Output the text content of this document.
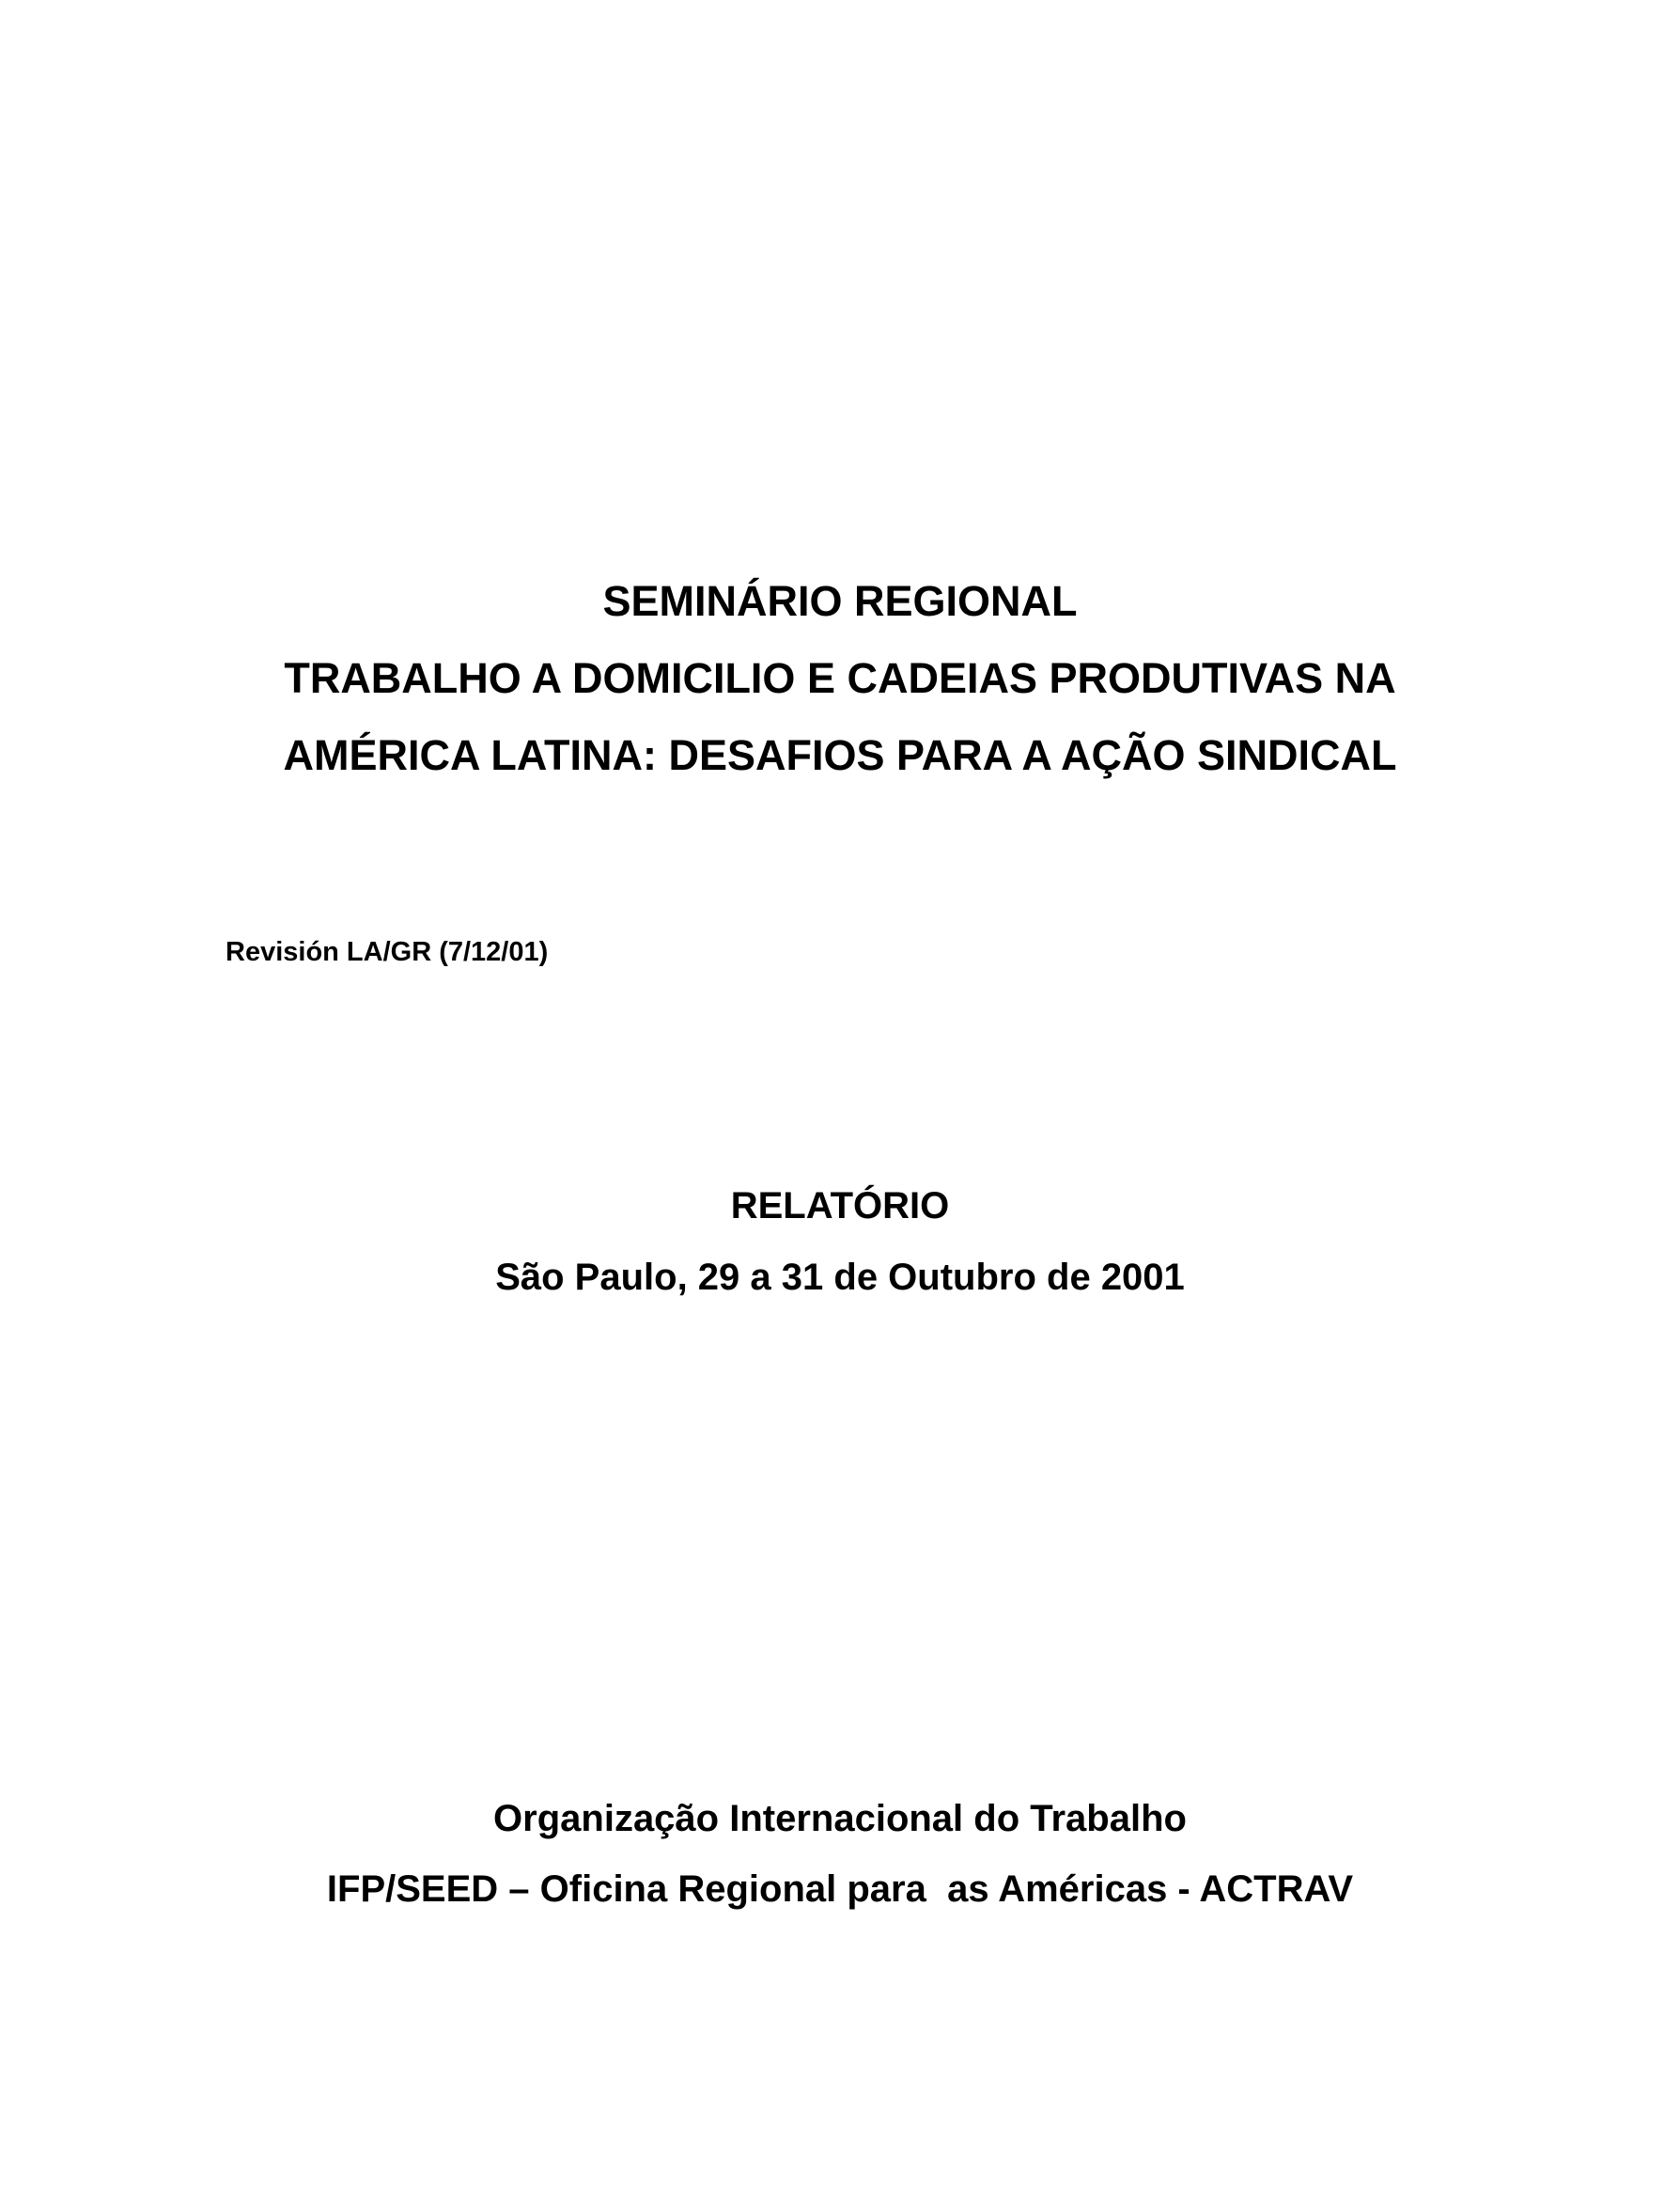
SEMINÁRIO REGIONAL
TRABALHO A DOMICILIO E CADEIAS PRODUTIVAS NA
AMÉRICA LATINA: DESAFIOS PARA A AÇÃO SINDICAL
Revisión LA/GR (7/12/01)
RELATÓRIO
São Paulo, 29 a 31 de Outubro de 2001
Organização Internacional do Trabalho
IFP/SEED – Oficina Regional para  as Américas - ACTRAV
